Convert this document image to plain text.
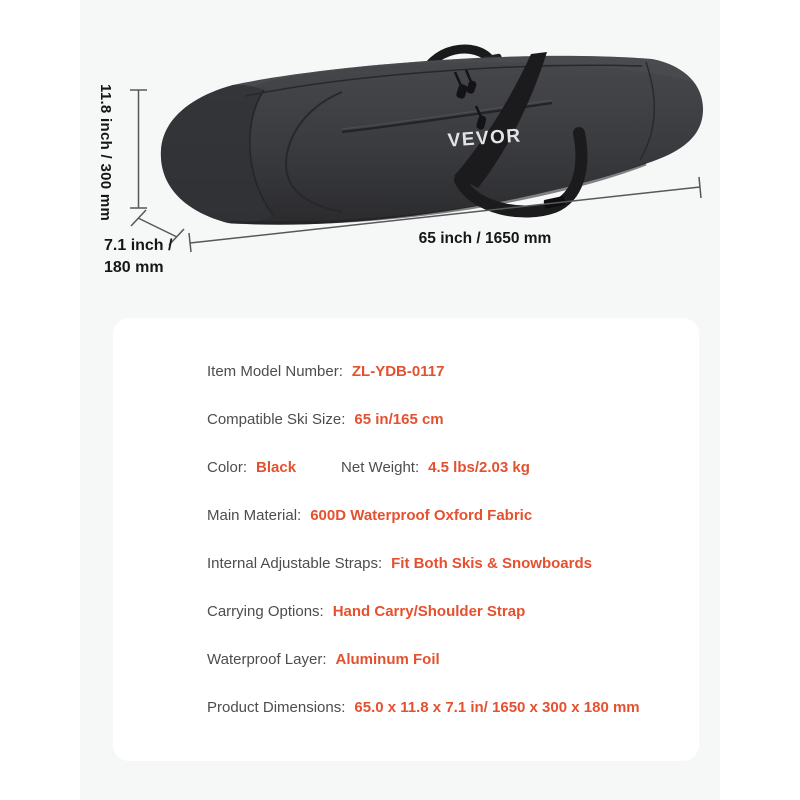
VEVOR
11.8 inch / 300 mm
7.1 inch /
180 mm
65 inch / 1650 mm
Item Model Number: ZL-YDB-0117
Compatible Ski Size: 65 in/165 cm
Color: Black	Net Weight: 4.5 lbs/2.03 kg
Main Material: 600D Waterproof Oxford Fabric
Internal Adjustable Straps: Fit Both Skis & Snowboards
Carrying Options: Hand Carry/Shoulder Strap
Waterproof Layer: Aluminum Foil
Product Dimensions: 65.0 x 11.8 x 7.1 in/ 1650 x 300 x 180 mm
